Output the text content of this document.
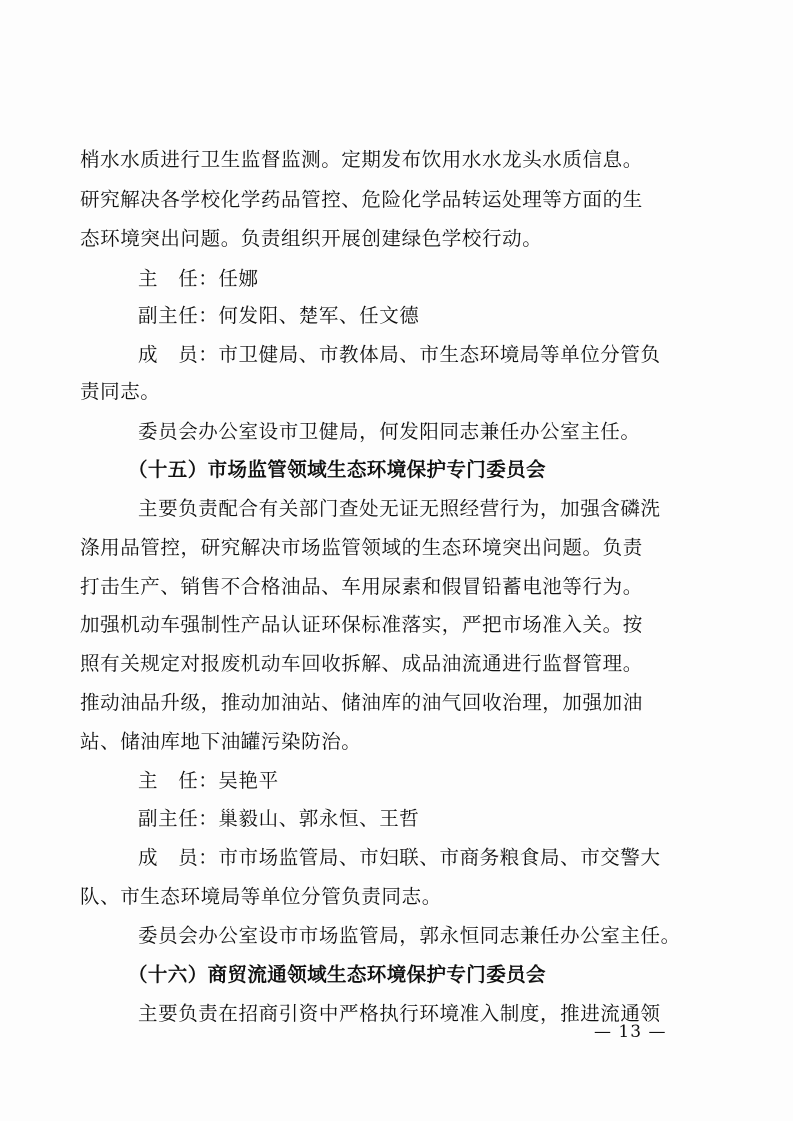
梢水水质进行卫生监督监测。定期发布饮用水水龙头水质信息。
研究解决各学校化学药品管控、危险化学品转运处理等方面的生
态环境突出问题。负责组织开展创建绿色学校行动。
主　任：任娜
副主任：何发阳、楚军、任文德
成　员：市卫健局、市教体局、市生态环境局等单位分管负
责同志。
委员会办公室设市卫健局，何发阳同志兼任办公室主任。
（十五）市场监管领域生态环境保护专门委员会
主要负责配合有关部门查处无证无照经营行为，加强含磷洗
涤用品管控，研究解决市场监管领域的生态环境突出问题。负责
打击生产、销售不合格油品、车用尿素和假冒铅蓄电池等行为。
加强机动车强制性产品认证环保标准落实，严把市场准入关。按
照有关规定对报废机动车回收拆解、成品油流通进行监督管理。
推动油品升级，推动加油站、储油库的油气回收治理，加强加油
站、储油库地下油罐污染防治。
主　任：吴艳平
副主任：巢毅山、郭永恒、王哲
成　员：市市场监管局、市妇联、市商务粮食局、市交警大
队、市生态环境局等单位分管负责同志。
委员会办公室设市市场监管局，郭永恒同志兼任办公室主任。
（十六）商贸流通领域生态环境保护专门委员会
主要负责在招商引资中严格执行环境准入制度，推进流通领
— 13 —
